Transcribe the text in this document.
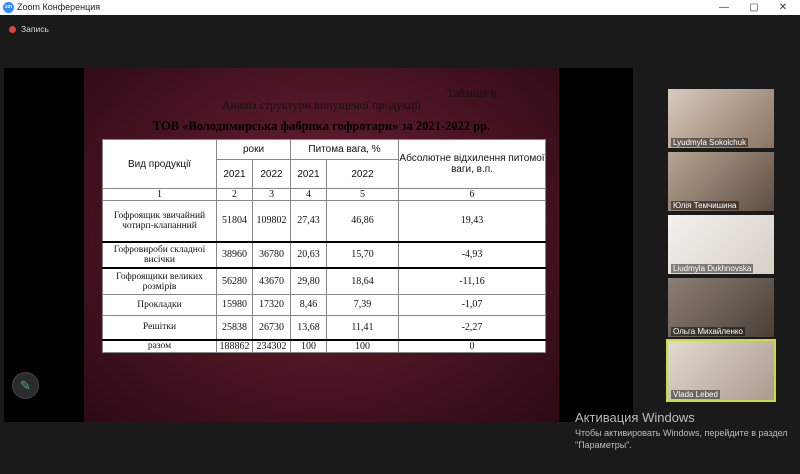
zm Zoom Конференция	—	▢	✕
Запись
Таблиця 8.
Аналіз структури випущеної продукції
ТОВ «Володимирська фабрика гофротари» за 2021-2022 рр.
Вид продукції	роки		Питома вага, %		Абсолютне відхилення питомої ваги, в.п.
	2021	2022	2021	2022	
1	2	3	4	5	6
Гофроящик звичайний чотирп-клапанний	51804	109802	27,43	46,86	19,43
Гофровироби складної висічки	38960	36780	20,63	15,70	-4,93
Гофроящики великих розмірів	56280	43670	29,80	18,64	-11,16
Прокладки	15980	17320	8,46	7,39	-1,07
Решітки	25838	26730	13,68	11,41	-2,27
разом	188862	234302	100	100	0
Lyudmyla Sokolchuk
Юлія Темчишина
Liudmyla Dukhnovska
Ольга Михайленко
Vlada Lebed
✎
Активация Windows
Чтобы активировать Windows, перейдите в раздел "Параметры".
